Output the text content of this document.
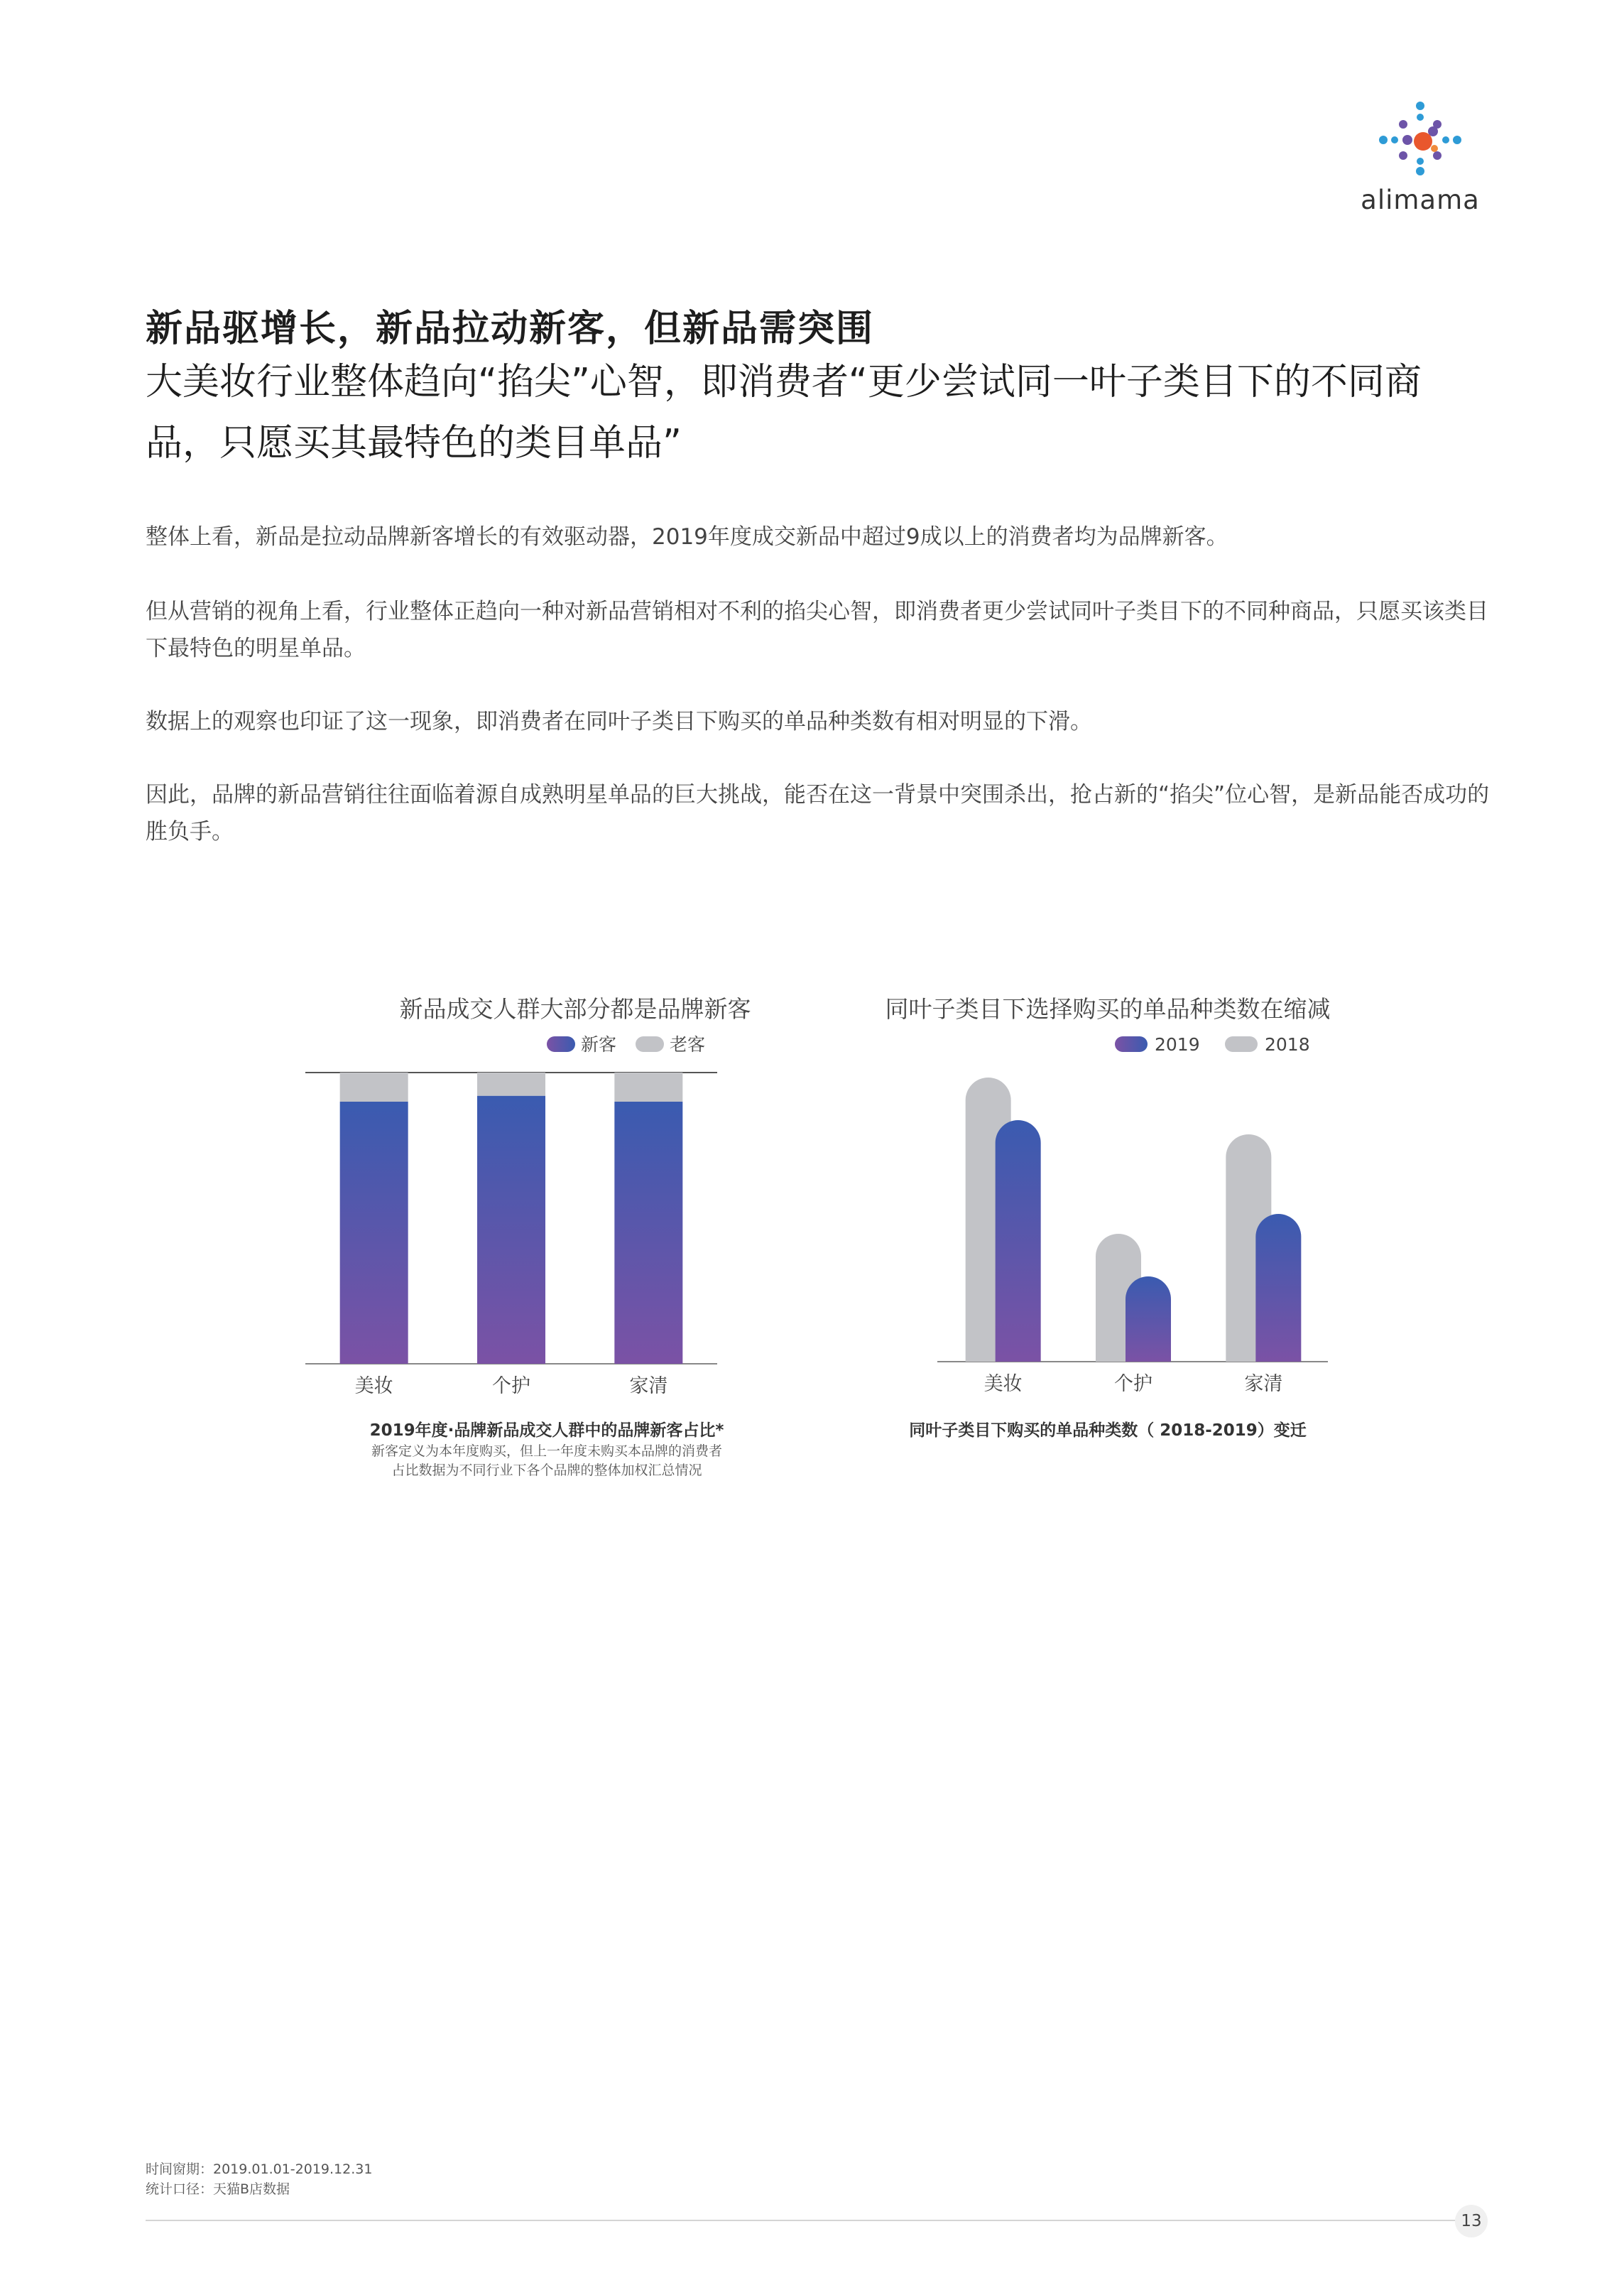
alimama
新品驱增长，新品拉动新客，但新品需突围
大美妆行业整体趋向“掐尖”心智，即消费者“更少尝试同一叶子类目下的不同商品，只愿买其最特色的类目单品”
整体上看，新品是拉动品牌新客增长的有效驱动器，2019年度成交新品中超过9成以上的消费者均为品牌新客。
但从营销的视角上看，行业整体正趋向一种对新品营销相对不利的掐尖心智，即消费者更少尝试同叶子类目下的不同种商品，只愿买该类目下最特色的明星单品。
数据上的观察也印证了这一现象，即消费者在同叶子类目下购买的单品种类数有相对明显的下滑。
因此，品牌的新品营销往往面临着源自成熟明星单品的巨大挑战，能否在这一背景中突围杀出，抢占新的“掐尖”位心智，是新品能否成功的胜负手。
新品成交人群大部分都是品牌新客
新客	老客
美妆	个护	家清
2019年度·品牌新品成交人群中的品牌新客占比*
新客定义为本年度购买，但上一年度未购买本品牌的消费者
占比数据为不同行业下各个品牌的整体加权汇总情况
同叶子类目下选择购买的单品种类数在缩减
2019	2018
美妆	个护	家清
同叶子类目下购买的单品种类数（ 2018-2019）变迁
时间窗期：2019.01.01-2019.12.31
统计口径：天猫B店数据
13
